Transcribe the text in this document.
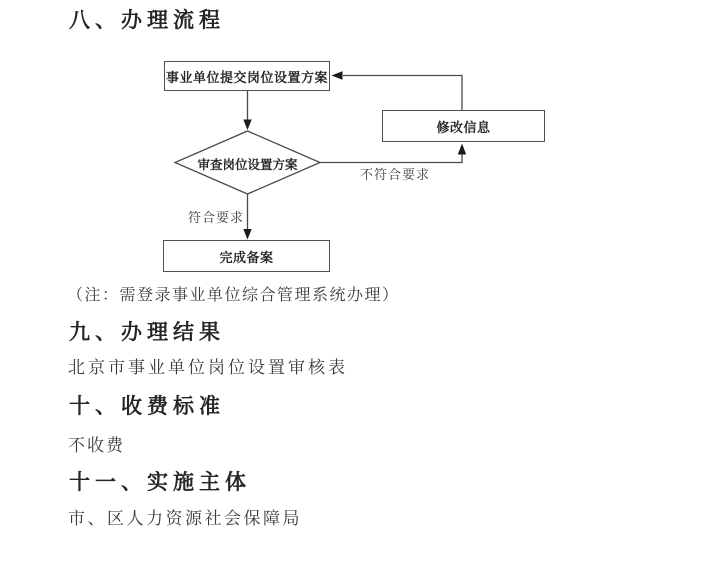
八、办理流程
事业单位提交岗位设置方案
修改信息
审查岗位设置方案
完成备案
不符合要求
符合要求

（注：需登录事业单位综合管理系统办理）

九、办理结果

北京市事业单位岗位设置审核表

十、收费标准

不收费

十一、实施主体

市、区人力资源社会保障局
